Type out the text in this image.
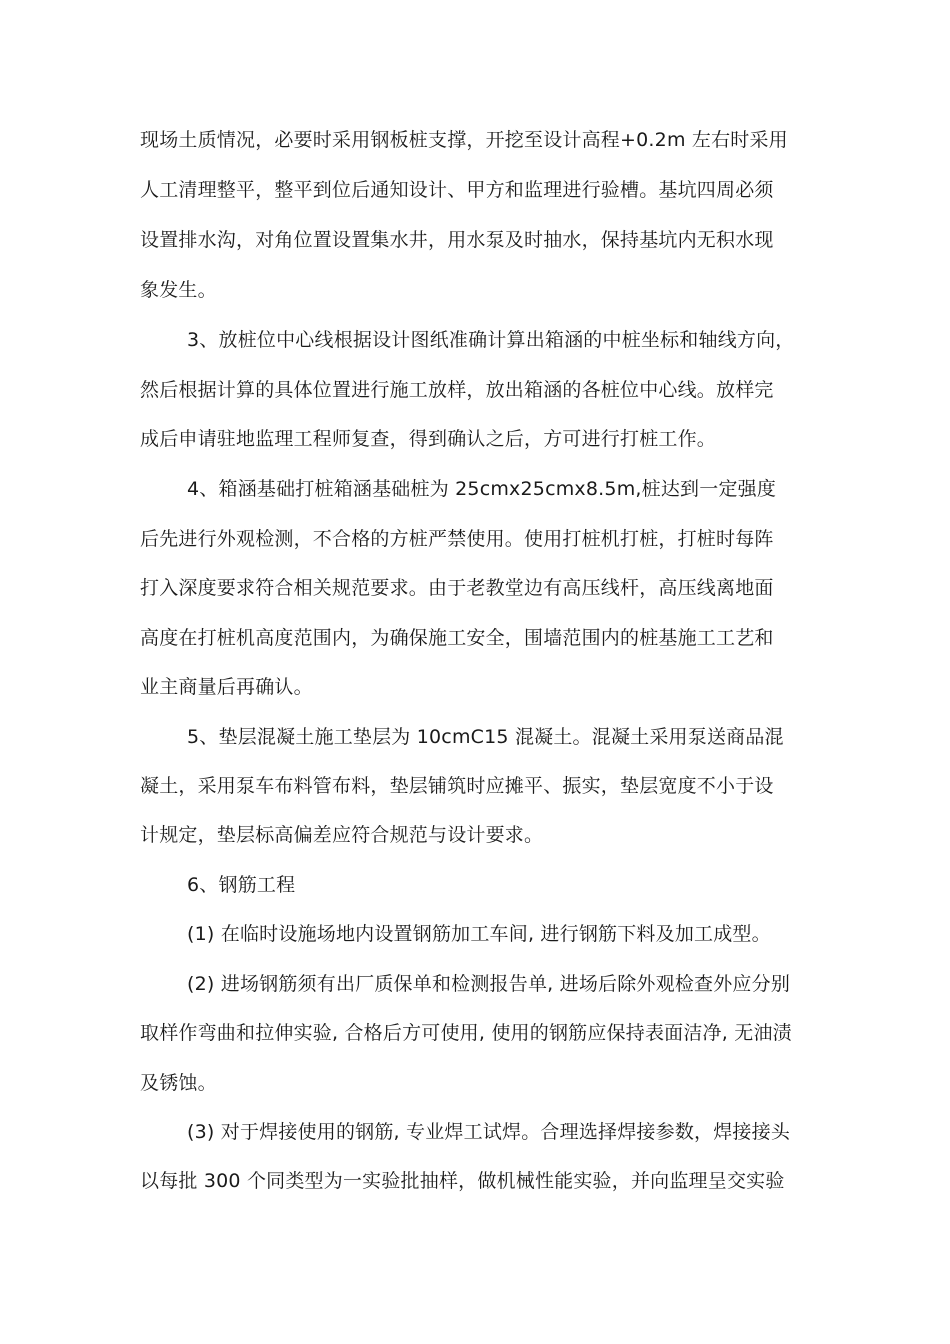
现场土质情况，必要时采用钢板桩支撑，开挖至设计高程+0.2m 左右时采用
人工清理整平，整平到位后通知设计、甲方和监理进行验槽。基坑四周必须
设置排水沟，对角位置设置集水井，用水泵及时抽水，保持基坑内无积水现
象发生。
3、放桩位中心线根据设计图纸准确计算出箱涵的中桩坐标和轴线方向，
然后根据计算的具体位置进行施工放样，放出箱涵的各桩位中心线。放样完
成后申请驻地监理工程师复查，得到确认之后，方可进行打桩工作。
4、箱涵基础打桩箱涵基础桩为 25cmx25cmx8.5m,桩达到一定强度
后先进行外观检测，不合格的方桩严禁使用。使用打桩机打桩，打桩时每阵
打入深度要求符合相关规范要求。由于老教堂边有高压线杆，高压线离地面
高度在打桩机高度范围内，为确保施工安全，围墙范围内的桩基施工工艺和
业主商量后再确认。
5、垫层混凝土施工垫层为 10cmC15 混凝土。混凝土采用泵送商品混
凝土，采用泵车布料管布料，垫层铺筑时应摊平、振实，垫层宽度不小于设
计规定，垫层标高偏差应符合规范与设计要求。
6、钢筋工程
(1) 在临时设施场地内设置钢筋加工车间, 进行钢筋下料及加工成型。
(2) 进场钢筋须有出厂质保单和检测报告单, 进场后除外观检查外应分别
取样作弯曲和拉伸实验, 合格后方可使用, 使用的钢筋应保持表面洁净, 无油渍
及锈蚀。
(3) 对于焊接使用的钢筋, 专业焊工试焊。合理选择焊接参数，焊接接头
以每批 300 个同类型为一实验批抽样，做机械性能实验，并向监理呈交实验
